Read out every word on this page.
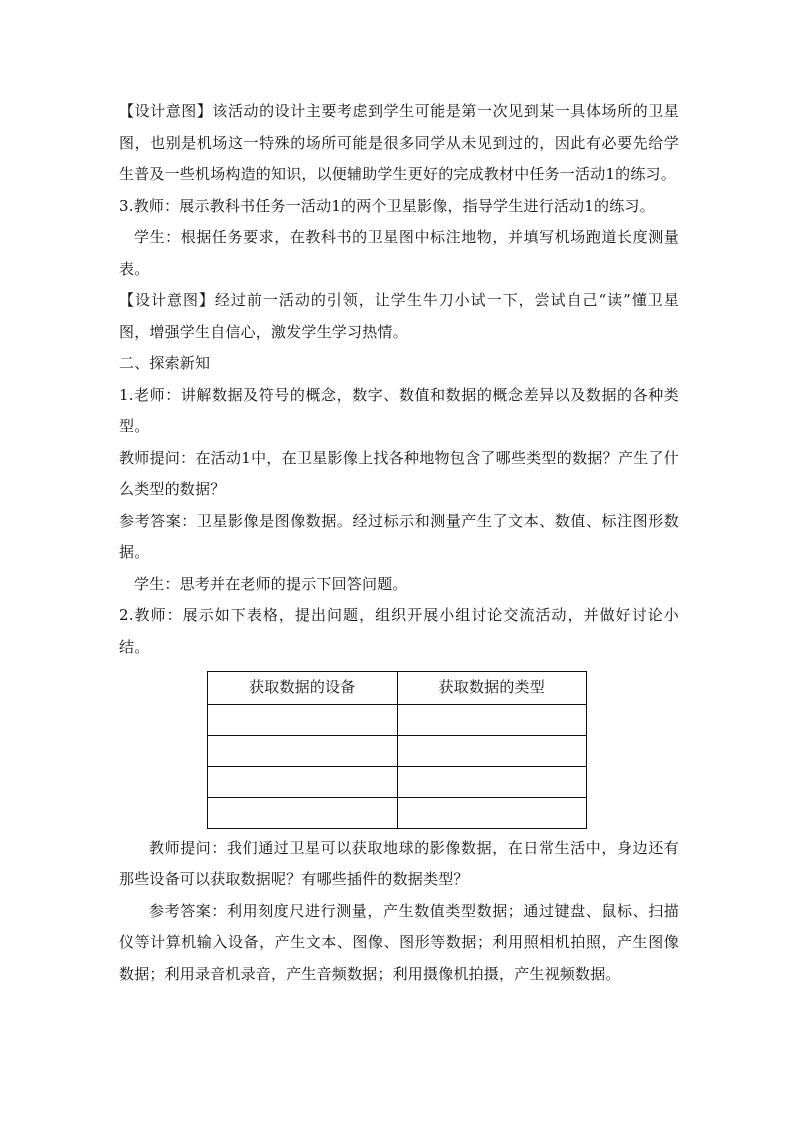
【设计意图】该活动的设计主要考虑到学生可能是第一次见到某一具体场所的卫星图，也别是机场这一特殊的场所可能是很多同学从未见到过的，因此有必要先给学生普及一些机场构造的知识，以便辅助学生更好的完成教材中任务一活动1的练习。

3.教师：展示教科书任务一活动1的两个卫星影像，指导学生进行活动1的练习。

学生：根据任务要求，在教科书的卫星图中标注地物，并填写机场跑道长度测量表。

【设计意图】经过前一活动的引领，让学生牛刀小试一下，尝试自己“读”懂卫星图，增强学生自信心，激发学生学习热情。

二、探索新知

1.老师：讲解数据及符号的概念，数字、数值和数据的概念差异以及数据的各种类型。

教师提问：在活动1中，在卫星影像上找各种地物包含了哪些类型的数据？产生了什么类型的数据？

参考答案：卫星影像是图像数据。经过标示和测量产生了文本、数值、标注图形数据。

学生：思考并在老师的提示下回答问题。

2.教师：展示如下表格，提出问题，组织开展小组讨论交流活动，并做好讨论小结。

获取数据的设备	获取数据的类型

教师提问：我们通过卫星可以获取地球的影像数据，在日常生活中，身边还有那些设备可以获取数据呢？有哪些插件的数据类型？

参考答案：利用刻度尺进行测量，产生数值类型数据；通过键盘、鼠标、扫描仪等计算机输入设备，产生文本、图像、图形等数据；利用照相机拍照，产生图像数据；利用录音机录音，产生音频数据；利用摄像机拍摄，产生视频数据。
